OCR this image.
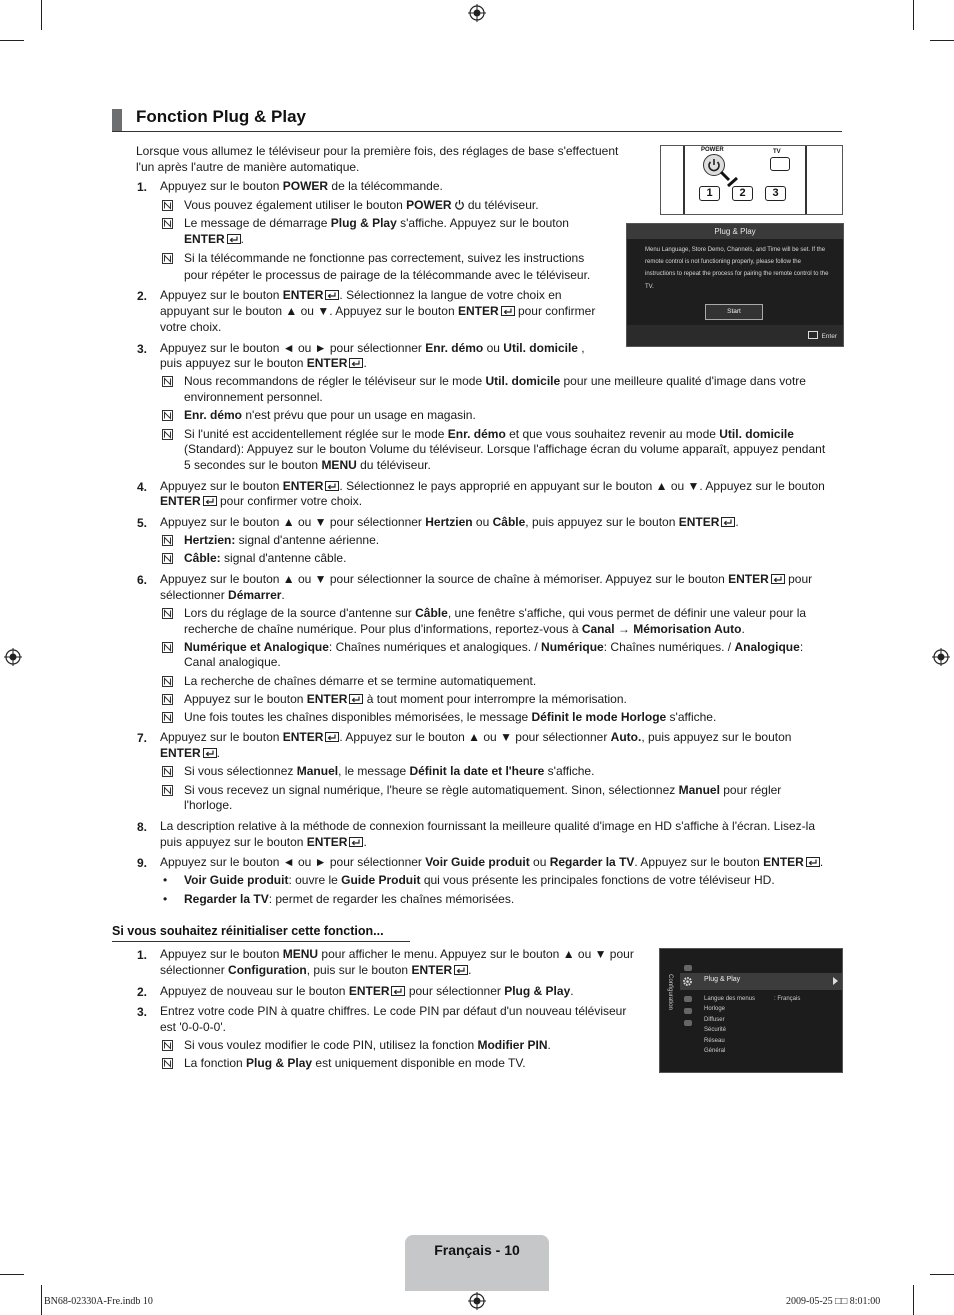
Fonction Plug & Play
Lorsque vous allumez le téléviseur pour la première fois, des réglages de base s'effectuent l'un après l'autre de manière automatique.
POWER	TV
1	2	3
Plug & Play
Menu Language, Store Demo, Channels, and Time will be set. If the remote control is not functioning properly, please follow the instructions to repeat the process for pairing the remote control to the TV.
Start
Enter
1. Appuyez sur le bouton POWER de la télécommande.
Vous pouvez également utiliser le bouton POWER
du téléviseur.
Le message de démarrage Plug & Play s'affiche. Appuyez sur le bouton
ENTER .
Si la télécommande ne fonctionne pas correctement, suivez les instructions
pour répéter le processus de pairage de la télécommande avec le téléviseur.
2. Appuyez sur le bouton ENTER . Sélectionnez la langue de votre choix en
appuyant sur le bouton ▲ ou ▼. Appuyez sur le bouton ENTER
pour confirmer
votre choix.
3. Appuyez sur le bouton ◄ ou ► pour sélectionner Enr. démo ou Util. domicile ,
puis appuyez sur le bouton ENTER .
Nous recommandons de régler le téléviseur sur le mode Util. domicile pour une meilleure qualité d'image dans votre
environnement personnel.
Enr. démo n'est prévu que pour un usage en magasin.
Si l'unité est accidentellement réglée sur le mode Enr. démo et que vous souhaitez revenir au mode Util. domicile
(Standard): Appuyez sur le bouton Volume du téléviseur. Lorsque l'affichage écran du volume apparaît, appuyez pendant
5 secondes sur le bouton MENU du téléviseur.
4. Appuyez sur le bouton ENTER . Sélectionnez le pays approprié en appuyant sur le bouton ▲ ou ▼. Appuyez sur le bouton
ENTER
pour confirmer votre choix.
5. Appuyez sur le bouton ▲ ou ▼ pour sélectionner Hertzien ou Câble, puis appuyez sur le bouton ENTER .
Hertzien: signal d'antenne aérienne.
Câble: signal d'antenne câble.
6. Appuyez sur le bouton ▲ ou ▼ pour sélectionner la source de chaîne à mémoriser. Appuyez sur le bouton ENTER
pour
sélectionner Démarrer.
Lors du réglage de la source d'antenne sur Câble, une fenêtre s'affiche, qui vous permet de définir une valeur pour la
recherche de chaîne numérique. Pour plus d'informations, reportez-vous à Canal → Mémorisation Auto.
Numérique et Analogique: Chaînes numériques et analogiques. / Numérique: Chaînes numériques. / Analogique:
Canal analogique.
La recherche de chaînes démarre et se termine automatiquement.
Appuyez sur le bouton ENTER
à tout moment pour interrompre la mémorisation.
Une fois toutes les chaînes disponibles mémorisées, le message Définit le mode Horloge s'affiche.
7. Appuyez sur le bouton ENTER . Appuyez sur le bouton ▲ ou ▼ pour sélectionner Auto., puis appuyez sur le bouton
ENTER .
Si vous sélectionnez Manuel, le message Définit la date et l'heure s'affiche.
Si vous recevez un signal numérique, l'heure se règle automatiquement. Sinon, sélectionnez Manuel pour régler
l'horloge.
8. La description relative à la méthode de connexion fournissant la meilleure qualité d'image en HD s'affiche à l'écran. Lisez-la
puis appuyez sur le bouton ENTER .
9. Appuyez sur le bouton ◄ ou ► pour sélectionner Voir Guide produit ou Regarder la TV. Appuyez sur le bouton ENTER .
• Voir Guide produit: ouvre le Guide Produit qui vous présente les principales fonctions de votre téléviseur HD.
• Regarder la TV: permet de regarder les chaînes mémorisées.
Si vous souhaitez réinitialiser cette fonction...
1. Appuyez sur le bouton MENU pour afficher le menu. Appuyez sur le bouton ▲ ou ▼ pour
sélectionner Configuration, puis sur le bouton ENTER .
2. Appuyez de nouveau sur le bouton ENTER
pour sélectionner Plug & Play.
3. Entrez votre code PIN à quatre chiffres. Le code PIN par défaut d'un nouveau téléviseur
est '0-0-0-0'.
Si vous voulez modifier le code PIN, utilisez la fonction Modifier PIN.
La fonction Plug & Play est uniquement disponible en mode TV.
Configuration	Plug & Play
Langue des menus	: Français
Horloge
Diffuser
Sécurité
Réseau
Général
Français - 10
BN68-02330A-Fre.indb 10	2009-05-25 □□ 8:01:00
